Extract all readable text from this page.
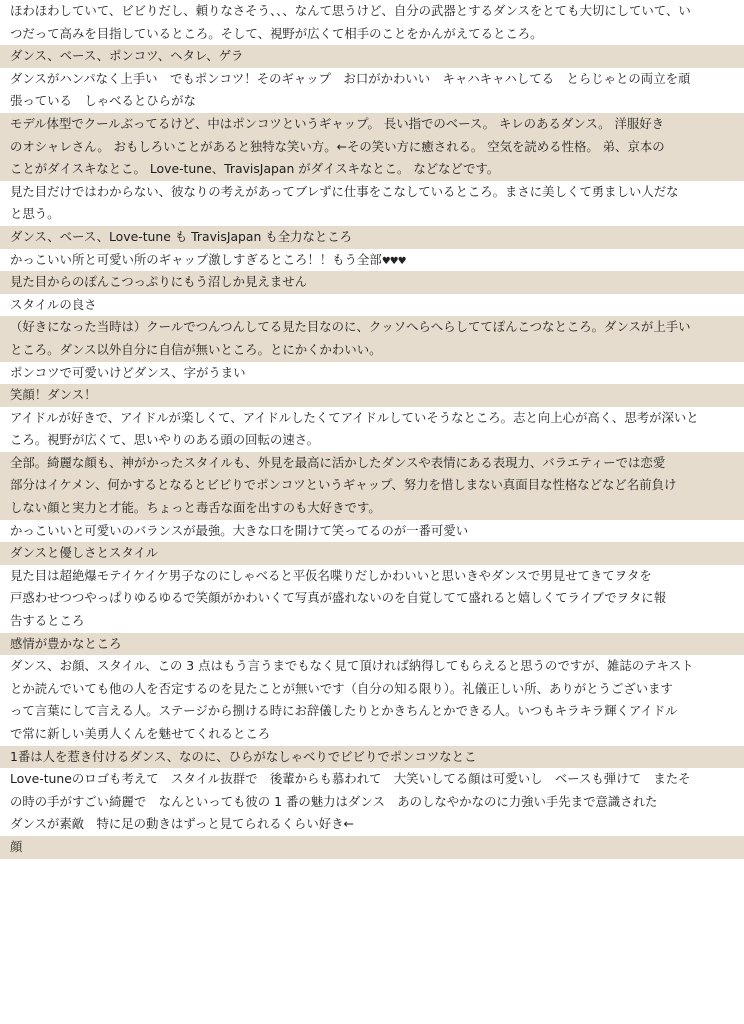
ほわほわしていて、ビビりだし、頼りなさそう、、、なんて思うけど、自分の武器とするダンスをとても大切にしていて、い
つだって高みを目指しているところ。そして、視野が広くて相手のことをかんがえてるところ。
ダンス、ベース、ポンコツ、ヘタレ、ゲラ
ダンスがハンパなく上手い　でもポンコツ！そのギャップ　お口がかわいい　キャハキャハしてる　とらじゃとの両立を頑
張っている　しゃべるとひらがな
モデル体型でクールぶってるけど、中はポンコツというギャップ。 長い指でのベース。 キレのあるダンス。 洋服好き
のオシャレさん。 おもしろいことがあると独特な笑い方。←その笑い方に癒される。 空気を読める性格。 弟、京本の
ことがダイスキなとこ。 Love-tune、TravisJapan がダイスキなとこ。 などなどです。
見た目だけではわからない、彼なりの考えがあってブレずに仕事をこなしているところ。まさに美しくて勇ましい人だな
と思う。
ダンス、ベース、Love-tune も TravisJapan も全力なところ
かっこいい所と可愛い所のギャップ激しすぎるところ！！もう全部♥♥♥
見た目からのぽんこつっぷりにもう沼しか見えません
スタイルの良さ
（好きになった当時は）クールでつんつんしてる見た目なのに、クッソへらへらしててぽんこつなところ。ダンスが上手い
ところ。ダンス以外自分に自信が無いところ。とにかくかわいい。
ポンコツで可愛いけどダンス、字がうまい
笑顔！ダンス！
アイドルが好きで、アイドルが楽しくて、アイドルしたくてアイドルしていそうなところ。志と向上心が高く、思考が深いと
ころ。視野が広くて、思いやりのある頭の回転の速さ。
全部。綺麗な顔も、神がかったスタイルも、外見を最高に活かしたダンスや表情にある表現力、バラエティーでは恋愛
部分はイケメン、何かするとなるとビビりでポンコツというギャップ、努力を惜しまない真面目な性格などなど名前負け
しない顔と実力と才能。ちょっと毒舌な面を出すのも大好きです。
かっこいいと可愛いのバランスが最強。大きな口を開けて笑ってるのが一番可愛い
ダンスと優しさとスタイル
見た目は超絶爆モテイケイケ男子なのにしゃべると平仮名喋りだしかわいいと思いきやダンスで男見せてきてヲタを
戸惑わせつつやっぱりゆるゆるで笑顔がかわいくて写真が盛れないのを自覚してて盛れると嬉しくてライブでヲタに報
告するところ
感情が豊かなところ
ダンス、お顔、スタイル、この 3 点はもう言うまでもなく見て頂ければ納得してもらえると思うのですが、雑誌のテキスト
とか読んでいても他の人を否定するのを見たことが無いです（自分の知る限り）。礼儀正しい所、ありがとうございます
って言葉にして言える人。ステージから捌ける時にお辞儀したりとかきちんとかできる人。いつもキラキラ輝くアイドル
で常に新しい美勇人くんを魅せてくれるところ
1番は人を惹き付けるダンス、なのに、ひらがなしゃべりでビビりでポンコツなとこ
Love-tuneのロゴも考えて　スタイル抜群で　後輩からも慕われて　大笑いしてる顔は可愛いし　ベースも弾けて　またそ
の時の手がすごい綺麗で　なんといっても彼の 1 番の魅力はダンス　あのしなやかなのに力強い手先まで意識された
ダンスが素敵　特に足の動きはずっと見てられるくらい好き←
顔
